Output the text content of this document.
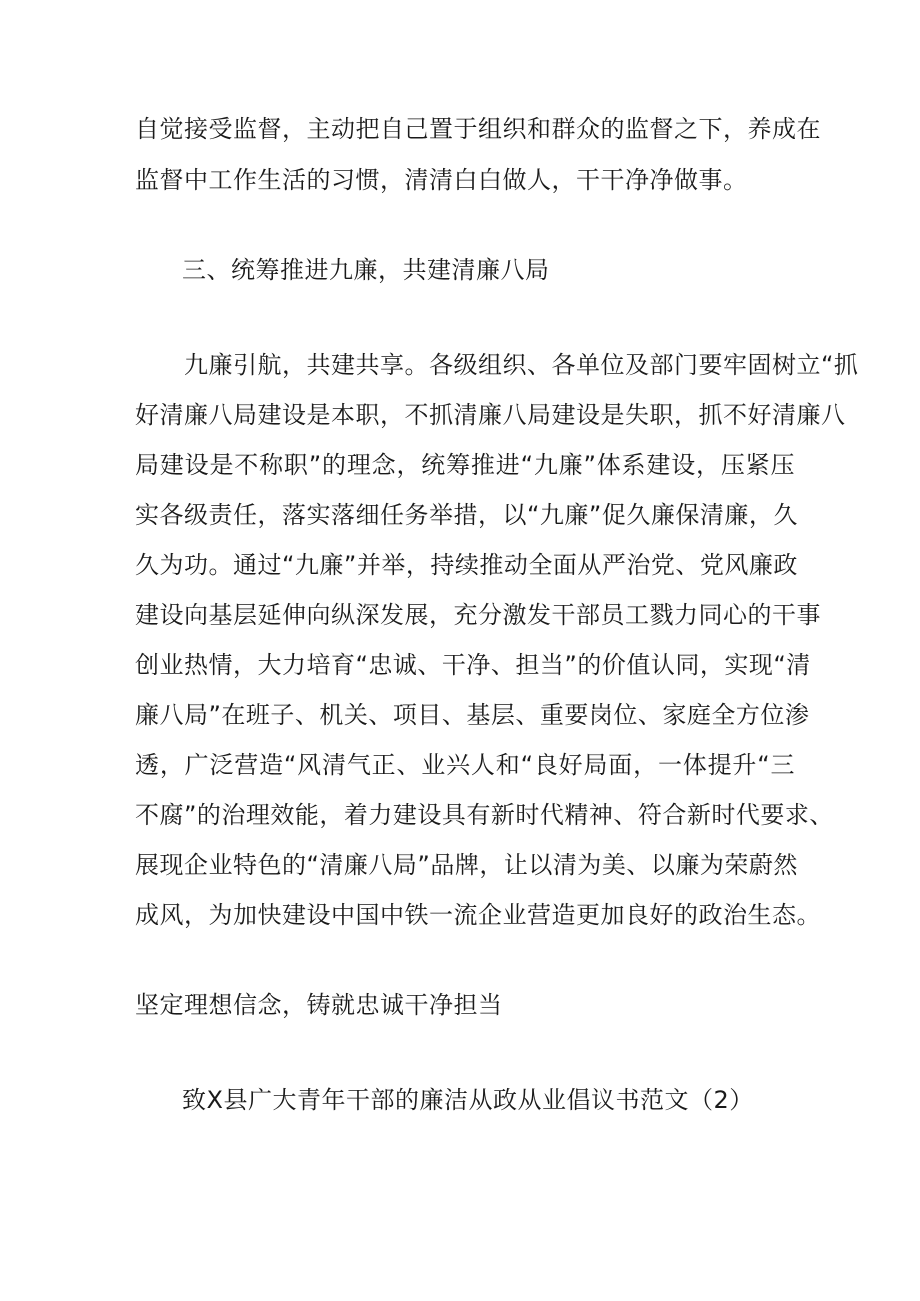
自觉接受监督，主动把自己置于组织和群众的监督之下，养成在
监督中工作生活的习惯，清清白白做人，干干净净做事。
三、统筹推进九廉，共建清廉八局
九廉引航，共建共享。各级组织、各单位及部门要牢固树立“抓
好清廉八局建设是本职，不抓清廉八局建设是失职，抓不好清廉八
局建设是不称职”的理念，统筹推进“九廉”体系建设，压紧压
实各级责任，落实落细任务举措，以“九廉”促久廉保清廉，久
久为功。通过“九廉”并举，持续推动全面从严治党、党风廉政
建设向基层延伸向纵深发展，充分激发干部员工戮力同心的干事
创业热情，大力培育“忠诚、干净、担当”的价值认同，实现“清
廉八局”在班子、机关、项目、基层、重要岗位、家庭全方位渗
透，广泛营造“风清气正、业兴人和“良好局面，一体提升“三
不腐”的治理效能，着力建设具有新时代精神、符合新时代要求、
展现企业特色的“清廉八局”品牌，让以清为美、以廉为荣蔚然
成风，为加快建设中国中铁一流企业营造更加良好的政治生态。
坚定理想信念，铸就忠诚干净担当
致X县广大青年干部的廉洁从政从业倡议书范文（2）
